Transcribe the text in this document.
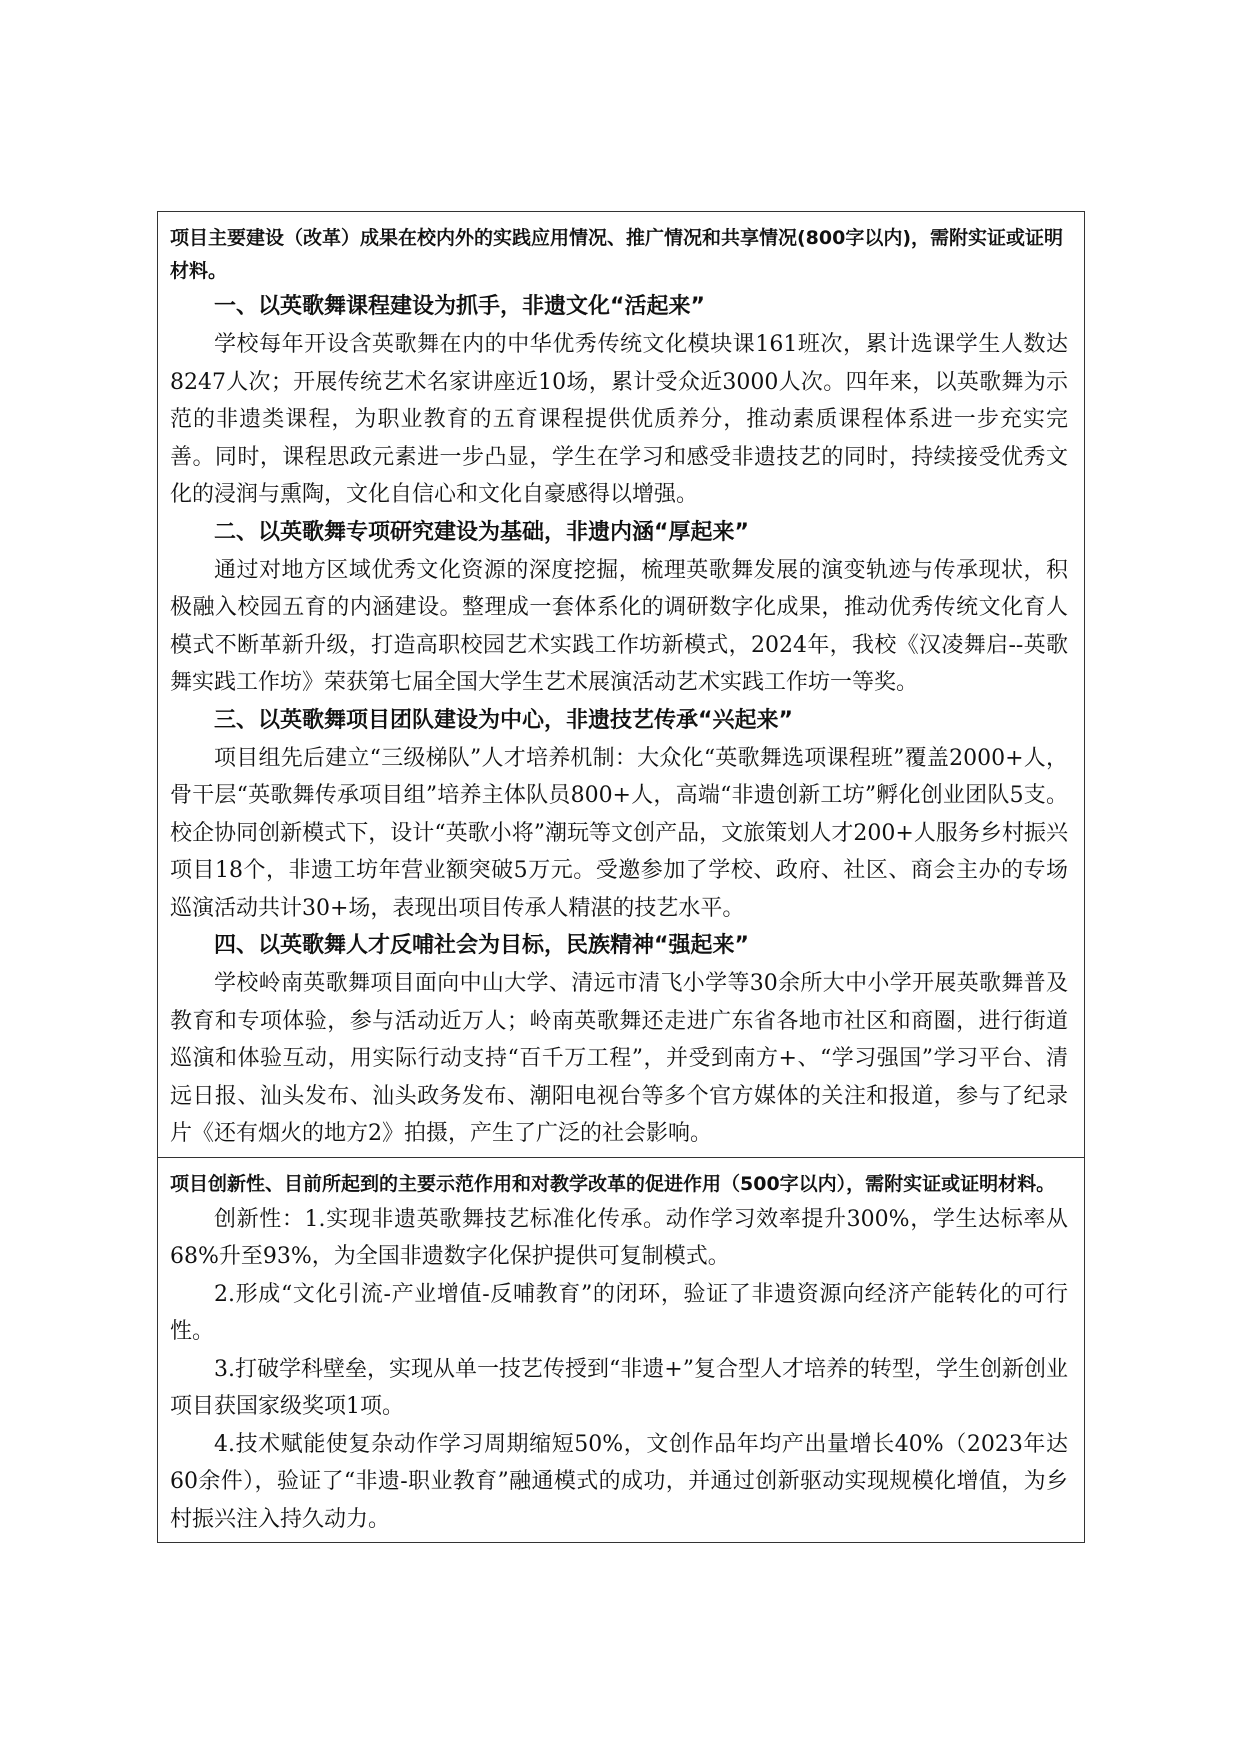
项目主要建设（改革）成果在校内外的实践应用情况、推广情况和共享情况(800字以内)，需附实证或证明材料。

一、以英歌舞课程建设为抓手，非遗文化“活起来”

学校每年开设含英歌舞在内的中华优秀传统文化模块课161班次，累计选课学生人数达8247人次；开展传统艺术名家讲座近10场，累计受众近3000人次。四年来，以英歌舞为示范的非遗类课程，为职业教育的五育课程提供优质养分，推动素质课程体系进一步充实完善。同时，课程思政元素进一步凸显，学生在学习和感受非遗技艺的同时，持续接受优秀文化的浸润与熏陶，文化自信心和文化自豪感得以增强。

二、以英歌舞专项研究建设为基础，非遗内涵“厚起来”

通过对地方区域优秀文化资源的深度挖掘，梳理英歌舞发展的演变轨迹与传承现状，积极融入校园五育的内涵建设。整理成一套体系化的调研数字化成果，推动优秀传统文化育人模式不断革新升级，打造高职校园艺术实践工作坊新模式，2024年，我校《汉凌舞启--英歌舞实践工作坊》荣获第七届全国大学生艺术展演活动艺术实践工作坊一等奖。

三、以英歌舞项目团队建设为中心，非遗技艺传承“兴起来”

项目组先后建立“三级梯队”人才培养机制：大众化“英歌舞选项课程班”覆盖2000+人，骨干层“英歌舞传承项目组”培养主体队员800+人，高端“非遗创新工坊”孵化创业团队5支。校企协同创新模式下，设计“英歌小将”潮玩等文创产品，文旅策划人才200+人服务乡村振兴项目18个，非遗工坊年营业额突破5万元。受邀参加了学校、政府、社区、商会主办的专场巡演活动共计30+场，表现出项目传承人精湛的技艺水平。

四、以英歌舞人才反哺社会为目标，民族精神“强起来”

学校岭南英歌舞项目面向中山大学、清远市清飞小学等30余所大中小学开展英歌舞普及教育和专项体验，参与活动近万人；岭南英歌舞还走进广东省各地市社区和商圈，进行街道巡演和体验互动，用实际行动支持“百千万工程”，并受到南方+、“学习强国”学习平台、清远日报、汕头发布、汕头政务发布、潮阳电视台等多个官方媒体的关注和报道，参与了纪录片《还有烟火的地方2》拍摄，产生了广泛的社会影响。

项目创新性、目前所起到的主要示范作用和对教学改革的促进作用（500字以内），需附实证或证明材料。

创新性：1.实现非遗英歌舞技艺标准化传承。动作学习效率提升300%，学生达标率从68%升至93%，为全国非遗数字化保护提供可复制模式。

2.形成“文化引流-产业增值-反哺教育”的闭环，验证了非遗资源向经济产能转化的可行性。

3.打破学科壁垒，实现从单一技艺传授到“非遗+”复合型人才培养的转型，学生创新创业项目获国家级奖项1项。

4.技术赋能使复杂动作学习周期缩短50%，文创作品年均产出量增长40%（2023年达60余件），验证了“非遗-职业教育”融通模式的成功，并通过创新驱动实现规模化增值，为乡村振兴注入持久动力。
